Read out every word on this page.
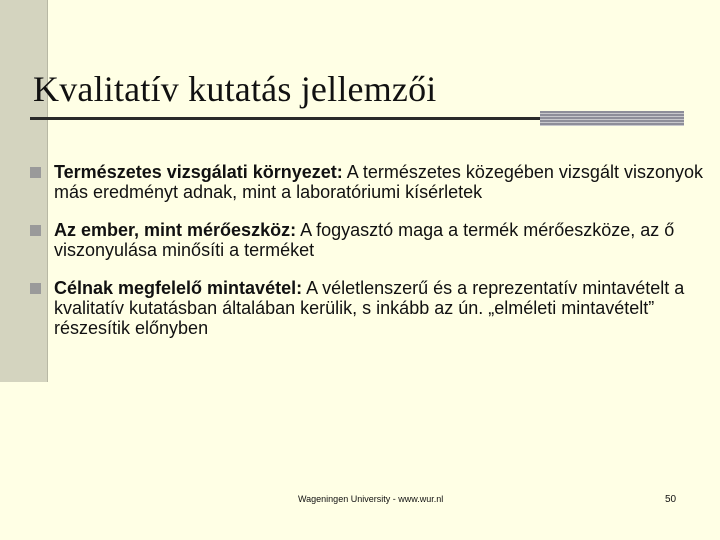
Kvalitatív kutatás jellemzői
Természetes vizsgálati környezet: A természetes közegében vizsgált viszonyok más eredményt adnak, mint a laboratóriumi kísérletek
Az ember, mint mérőeszköz: A fogyasztó maga a termék mérőeszköze, az ő viszonyulása minősíti a terméket
Célnak megfelelő mintavétel: A véletlenszerű és a reprezentatív mintavételt a kvalitatív kutatásban általában kerülik, s inkább az ún. „elméleti mintavételt” részesítik előnyben
Wageningen University - www.wur.nl	50
